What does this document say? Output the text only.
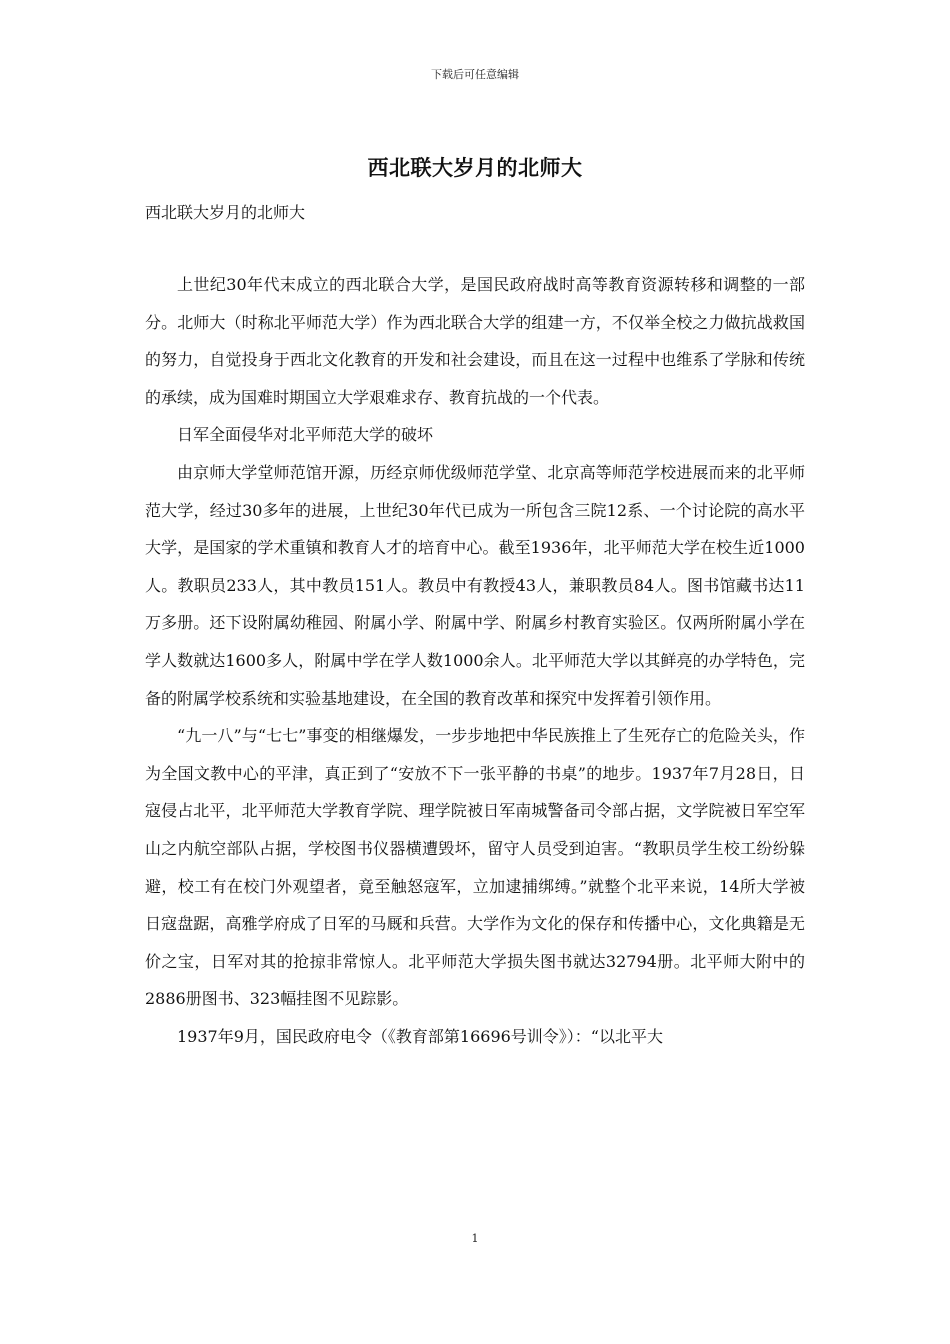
下载后可任意编辑
西北联大岁月的北师大
西北联大岁月的北师大

上世纪30年代末成立的西北联合大学，是国民政府战时高等教育资源转移和调整的一部分。北师大（时称北平师范大学）作为西北联合大学的组建一方，不仅举全校之力做抗战救国的努力，自觉投身于西北文化教育的开发和社会建设，而且在这一过程中也维系了学脉和传统的承续，成为国难时期国立大学艰难求存、教育抗战的一个代表。

日军全面侵华对北平师范大学的破坏

由京师大学堂师范馆开源，历经京师优级师范学堂、北京高等师范学校进展而来的北平师范大学，经过30多年的进展，上世纪30年代已成为一所包含三院12系、一个讨论院的高水平大学，是国家的学术重镇和教育人才的培育中心。截至1936年，北平师范大学在校生近1000人。教职员233人，其中教员151人。教员中有教授43人，兼职教员84人。图书馆藏书达11万多册。还下设附属幼稚园、附属小学、附属中学、附属乡村教育实验区。仅两所附属小学在学人数就达1600多人，附属中学在学人数1000余人。北平师范大学以其鲜亮的办学特色，完备的附属学校系统和实验基地建设，在全国的教育改革和探究中发挥着引领作用。

“九一八”与“七七”事变的相继爆发，一步步地把中华民族推上了生死存亡的危险关头，作为全国文教中心的平津，真正到了“安放不下一张平静的书桌”的地步。1937年7月28日，日寇侵占北平，北平师范大学教育学院、理学院被日军南城警备司令部占据，文学院被日军空军山之内航空部队占据，学校图书仪器横遭毁坏，留守人员受到迫害。“教职员学生校工纷纷躲避，校工有在校门外观望者，竟至触怒寇军，立加逮捕绑缚。”就整个北平来说，14所大学被日寇盘踞，高雅学府成了日军的马厩和兵营。大学作为文化的保存和传播中心，文化典籍是无价之宝，日军对其的抢掠非常惊人。北平师范大学损失图书就达32794册。北平师大附中的2886册图书、323幅挂图不见踪影。

1937年9月，国民政府电令（《教育部第16696号训令》）：“以北平大

1
